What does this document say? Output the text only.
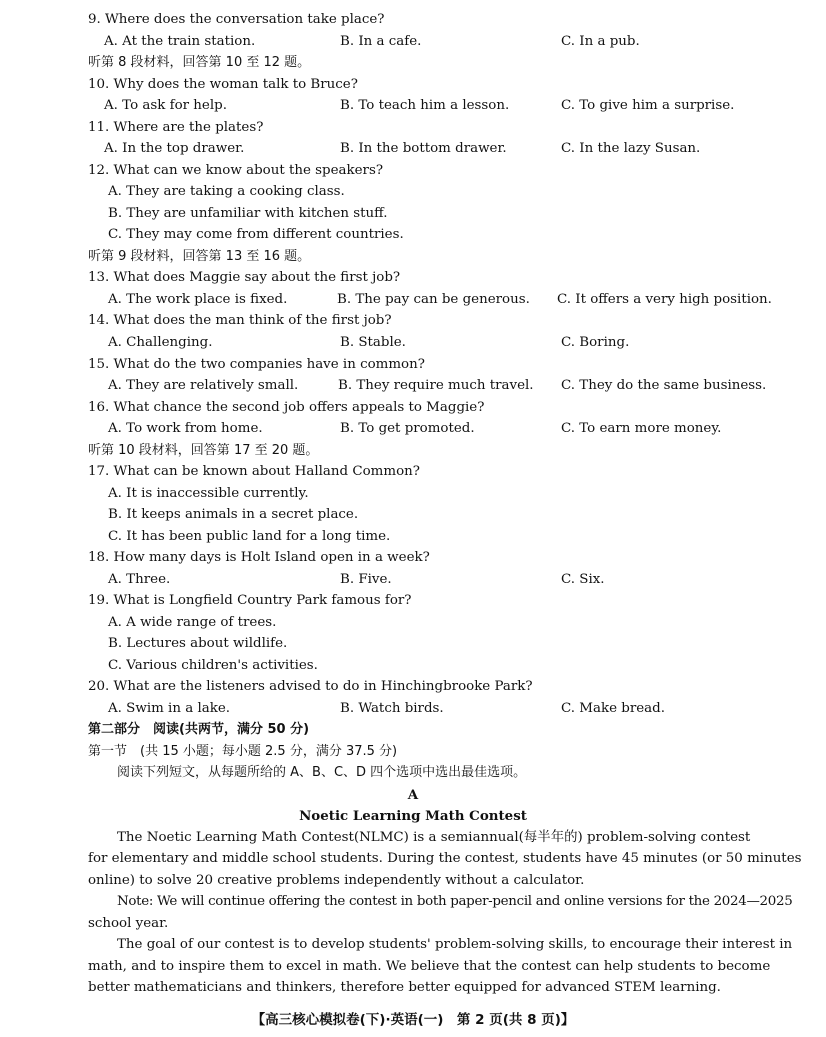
9. Where does the conversation take place?
A. At the train station.	B. In a cafe.	C. In a pub.
听第 8 段材料，回答第 10 至 12 题。
10. Why does the woman talk to Bruce?
A. To ask for help.	B. To teach him a lesson.	C. To give him a surprise.
11. Where are the plates?
A. In the top drawer.	B. In the bottom drawer.	C. In the lazy Susan.
12. What can we know about the speakers?
A. They are taking a cooking class.
B. They are unfamiliar with kitchen stuff.
C. They may come from different countries.
听第 9 段材料，回答第 13 至 16 题。
13. What does Maggie say about the first job?
A. The work place is fixed.	B. The pay can be generous. C. It offers a very high position.
14. What does the man think of the first job?
A. Challenging.	B. Stable.	C. Boring.
15. What do the two companies have in common?
A. They are relatively small.	B. They require much travel. C. They do the same business.
16. What chance the second job offers appeals to Maggie?
A. To work from home.	B. To get promoted.	C. To earn more money.
听第 10 段材料，回答第 17 至 20 题。
17. What can be known about Halland Common?
A. It is inaccessible currently.
B. It keeps animals in a secret place.
C. It has been public land for a long time.
18. How many days is Holt Island open in a week?
A. Three.	B. Five.	C. Six.
19. What is Longfield Country Park famous for?
A. A wide range of trees.
B. Lectures about wildlife.
C. Various children's activities.
20. What are the listeners advised to do in Hinchingbrooke Park?
A. Swim in a lake.	B. Watch birds.	C. Make bread.
第二部分　阅读(共两节，满分 50 分)
第一节　(共 15 小题；每小题 2.5 分，满分 37.5 分)
阅读下列短文，从每题所给的 A、B、C、D 四个选项中选出最佳选项。
A
Noetic Learning Math Contest
The Noetic Learning Math Contest(NLMC) is a semiannual(每半年的) problem-solving contest
for elementary and middle school students. During the contest, students have 45 minutes (or 50 minutes
online) to solve 20 creative problems independently without a calculator.
Note: We will continue offering the contest in both paper-pencil and online versions for the 2024—2025
school year.
The goal of our contest is to develop students' problem-solving skills, to encourage their interest in
math, and to inspire them to excel in math. We believe that the contest can help students to become
better mathematicians and thinkers, therefore better equipped for advanced STEM learning.
【高三核心模拟卷(下)·英语(一)　第 2 页(共 8 页)】
